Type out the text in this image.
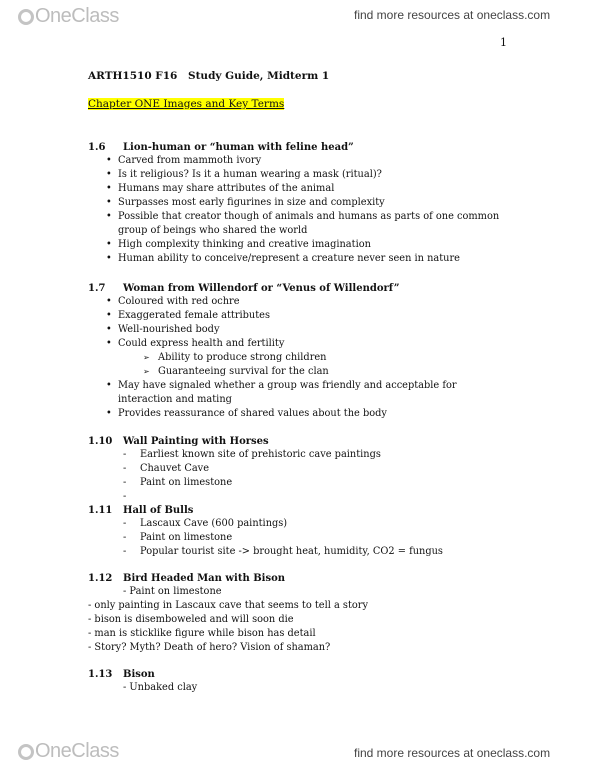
OneClass	find more resources at oneclass.com
1
ARTH1510 F16 Study Guide, Midterm 1
Chapter ONE Images and Key Terms
1.6	Lion-human or “human with feline head”
• Carved from mammoth ivory
• Is it religious? Is it a human wearing a mask (ritual)?
• Humans may share attributes of the animal
• Surpasses most early figurines in size and complexity
• Possible that creator though of animals and humans as parts of one common
group of beings who shared the world
• High complexity thinking and creative imagination
• Human ability to conceive/represent a creature never seen in nature
1.7	Woman from Willendorf or “Venus of Willendorf”
• Coloured with red ochre
• Exaggerated female attributes
• Well-nourished body
• Could express health and fertility
➢ Ability to produce strong children
➢ Guaranteeing survival for the clan
• May have signaled whether a group was friendly and acceptable for
interaction and mating
• Provides reassurance of shared values about the body
1.10	Wall Painting with Horses
- Earliest known site of prehistoric cave paintings
- Chauvet Cave
- Paint on limestone
-
1.11	Hall of Bulls
- Lascaux Cave (600 paintings)
- Paint on limestone
- Popular tourist site -> brought heat, humidity, CO2 = fungus
1.12	Bird Headed Man with Bison
- Paint on limestone
- only painting in Lascaux cave that seems to tell a story
- bison is disemboweled and will soon die
- man is sticklike figure while bison has detail
- Story? Myth? Death of hero? Vision of shaman?
1.13	Bison
- Unbaked clay
OneClass	find more resources at oneclass.com
